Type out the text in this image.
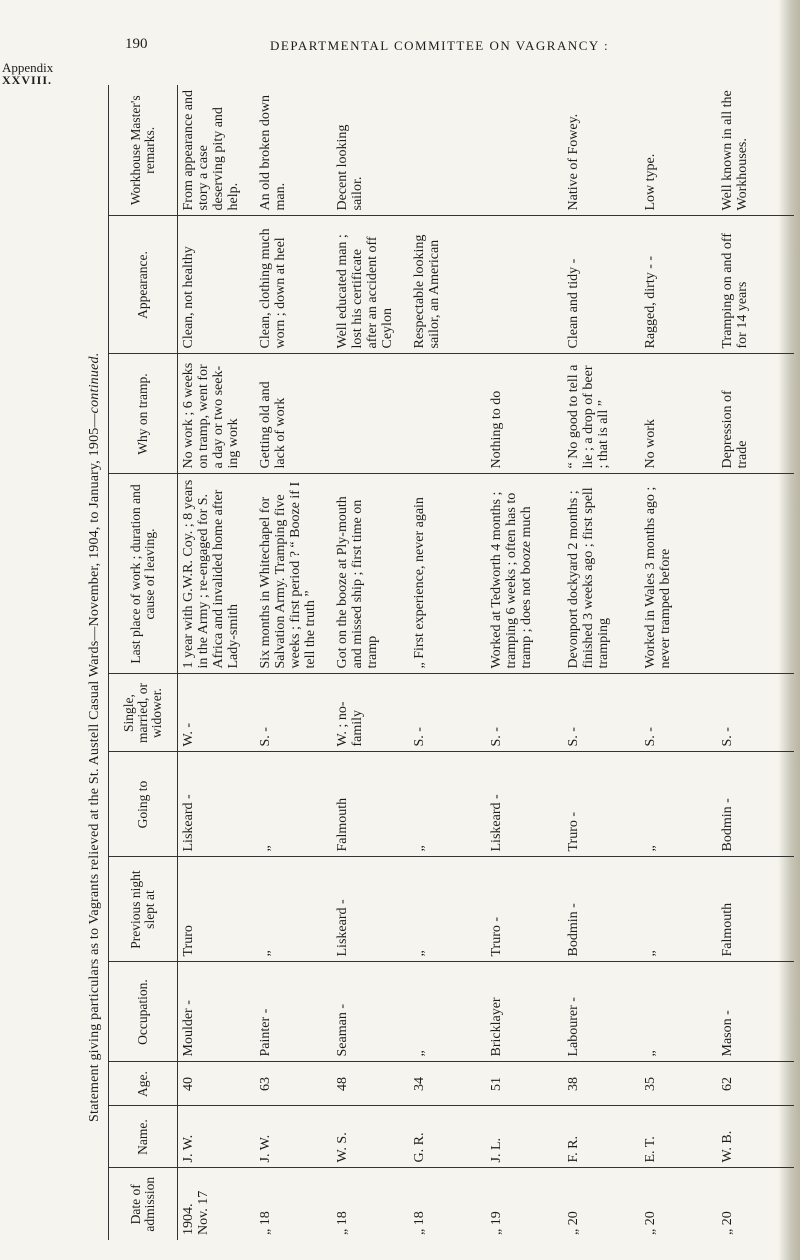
190	DEPARTMENTAL COMMITTEE ON VAGRANCY :
Appendix
XXVIII.
Statement giving particulars as to Vagrants relieved at the St. Austell Casual Wards—November, 1904, to January, 1905—continued.
Date of admission	Name.	Age.	Occupation.	Previous night slept at	Going to	Single, married, or widower.	Last place of work ; duration and cause of leaving.	Why on tramp.	Appearance.	Workhouse Master's remarks.
1904. Nov. 17	J. W.	40	Moulder -	Truro	Liskeard -	W. -	1 year with G.W.R. Coy. ; 8 years in the Army ; re-engaged for S. Africa and invalided home after Lady-smith	No work ; 6 weeks on tramp, went for a day or two seek-ing work	Clean, not healthy	From appearance and story a case deserving pity and help.
„ 18	J. W.	63	Painter -	„	„	S. -	Six months in Whitechapel for Salvation Army. Tramping five weeks ; first period ? “ Booze if I tell the truth ”	Getting old and lack of work	Clean, clothing much worn ; down at heel	An old broken down man.
„ 18	W. S.	48	Seaman -	Liskeard -	Falmouth	W. ; no-family	Got on the booze at Ply-mouth and missed ship ; first time on tramp		Well educated man ; lost his certificate after an accident off Ceylon	Decent looking sailor.
„ 18	G. R.	34	„	„	„	S. -	„ First experience, never again		Respectable looking sailor, an American	
„ 19	J. L.	51	Bricklayer	Truro -	Liskeard -	S. -	Worked at Tedworth 4 months ; tramping 6 weeks ; often has to tramp ; does not booze much	Nothing to do		
„ 20	F. R.	38	Labourer -	Bodmin -	Truro -	S. -	Devonport dockyard 2 months ; finished 3 weeks ago ; first spell tramping	“ No good to tell a lie ; a drop of beer ; that is all ”	Clean and tidy -	Native of Fowey.
„ 20	E. T.	35	„	„	„	S. -	Worked in Wales 3 months ago ; never tramped before	No work	Ragged, dirty - -	Low type.
„ 20	W. B.	62	Mason -	Falmouth	Bodmin -	S. -		Depression of trade	Tramping on and off for 14 years	Well known in all the Workhouses.
